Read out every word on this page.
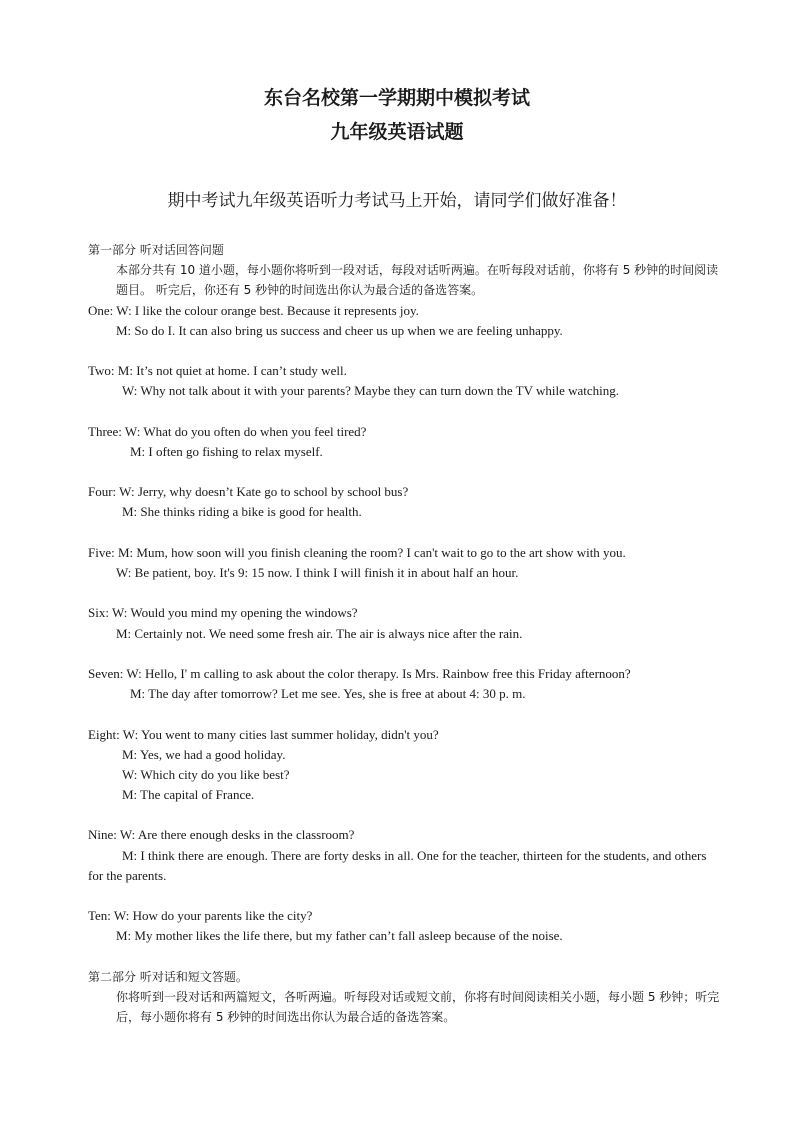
东台名校第一学期期中模拟考试
九年级英语试题
期中考试九年级英语听力考试马上开始，请同学们做好准备！
第一部分 听对话回答问题
本部分共有 10 道小题，每小题你将听到一段对话，每段对话听两遍。在听每段对话前，你将有 5 秒钟的时间阅读题目。 听完后，你还有 5 秒钟的时间选出你认为最合适的备选答案。
One: W: I like the colour orange best. Because it represents joy.
M: So do I. It can also bring us success and cheer us up when we are feeling unhappy.
Two: M: It’s not quiet at home. I can’t study well.
W: Why not talk about it with your parents? Maybe they can turn down the TV while watching.
Three: W: What do you often do when you feel tired?
M: I often go fishing to relax myself.
Four: W: Jerry, why doesn’t Kate go to school by school bus?
M: She thinks riding a bike is good for health.
Five: M: Mum, how soon will you finish cleaning the room? I can't wait to go to the art show with you.
W: Be patient, boy. It's 9: 15 now. I think I will finish it in about half an hour.
Six: W: Would you mind my opening the windows?
M: Certainly not. We need some fresh air. The air is always nice after the rain.
Seven: W: Hello, I' m calling to ask about the color therapy. Is Mrs. Rainbow free this Friday afternoon?
M: The day after tomorrow? Let me see. Yes, she is free at about 4: 30 p. m.
Eight: W: You went to many cities last summer holiday, didn't you?
M: Yes, we had a good holiday.
W: Which city do you like best?
M: The capital of France.
Nine: W: Are there enough desks in the classroom?
M: I think there are enough. There are forty desks in all. One for the teacher, thirteen for the students, and others for the parents.
Ten: W: How do your parents like the city?
M: My mother likes the life there, but my father can’t fall asleep because of the noise.
第二部分 听对话和短文答题。
你将听到一段对话和两篇短文，各听两遍。听每段对话或短文前，你将有时间阅读相关小题，每小题 5 秒钟；听完后，每小题你将有 5 秒钟的时间选出你认为最合适的备选答案。
